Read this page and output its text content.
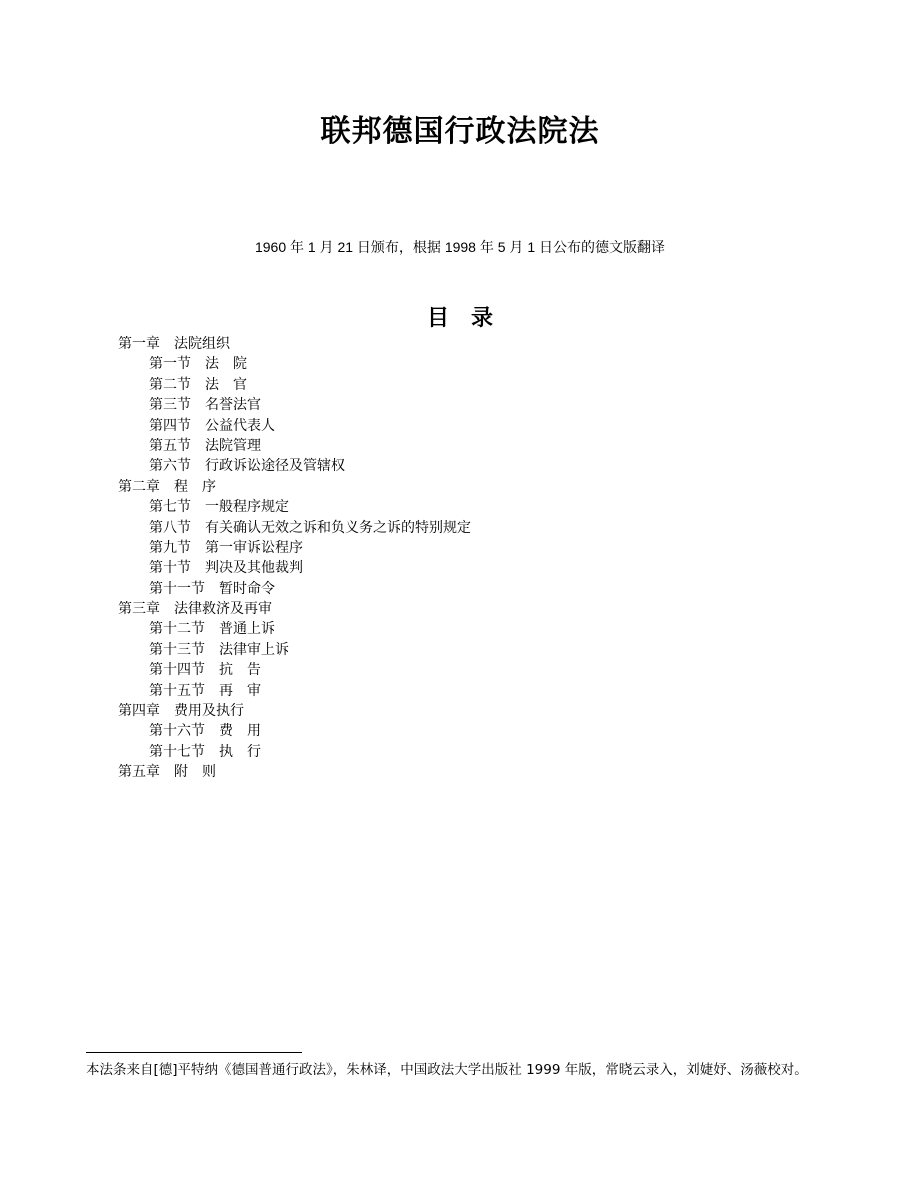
联邦德国行政法院法
1960 年 1 月 21 日颁布，根据 1998 年 5 月 1 日公布的德文版翻译
目　录
第一章　法院组织
第一节　法　院
第二节　法　官
第三节　名誉法官
第四节　公益代表人
第五节　法院管理
第六节　行政诉讼途径及管辖权
第二章　程　序
第七节　一般程序规定
第八节　有关确认无效之诉和负义务之诉的特别规定
第九节　第一审诉讼程序
第十节　判决及其他裁判
第十一节　暂时命令
第三章　法律救济及再审
第十二节　普通上诉
第十三节　法律审上诉
第十四节　抗　告
第十五节　再　审
第四章　费用及执行
第十六节　费　用
第十七节　执　行
第五章　附　则
本法条来自[德]平特纳《德国普通行政法》，朱林译，中国政法大学出版社 1999 年版，常晓云录入，刘婕妤、汤薇校对。
